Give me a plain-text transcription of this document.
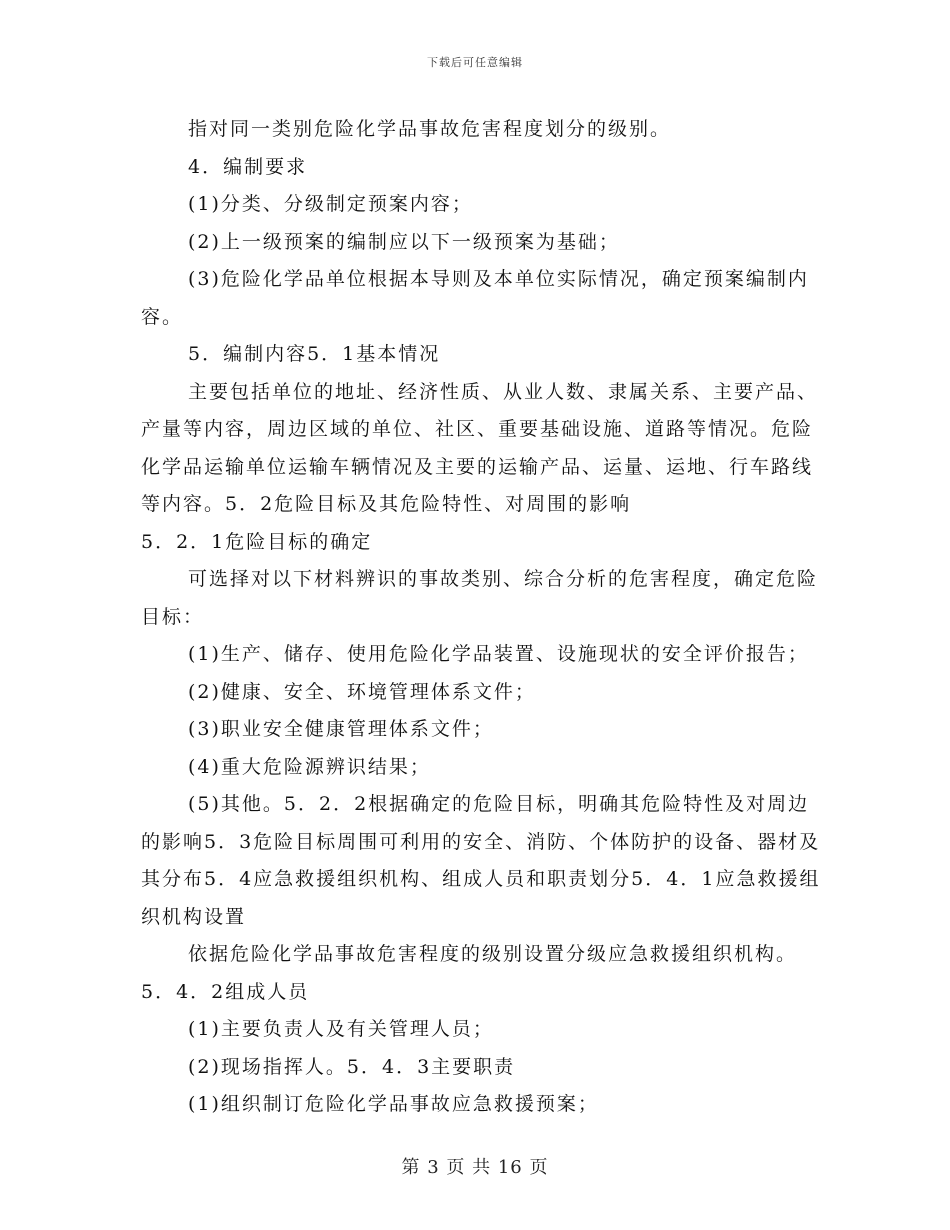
下载后可任意编辑

指对同一类别危险化学品事故危害程度划分的级别。

4．编制要求

(1)分类、分级制定预案内容；

(2)上一级预案的编制应以下一级预案为基础；

(3)危险化学品单位根据本导则及本单位实际情况，确定预案编制内容。

5．编制内容5．1基本情况

主要包括单位的地址、经济性质、从业人数、隶属关系、主要产品、产量等内容，周边区域的单位、社区、重要基础设施、道路等情况。危险化学品运输单位运输车辆情况及主要的运输产品、运量、运地、行车路线等内容。5．2危险目标及其危险特性、对周围的影响

5．2．1危险目标的确定

可选择对以下材料辨识的事故类别、综合分析的危害程度，确定危险目标：

(1)生产、储存、使用危险化学品装置、设施现状的安全评价报告；

(2)健康、安全、环境管理体系文件；

(3)职业安全健康管理体系文件；

(4)重大危险源辨识结果；

(5)其他。5．2．2根据确定的危险目标，明确其危险特性及对周边的影响5．3危险目标周围可利用的安全、消防、个体防护的设备、器材及其分布5．4应急救援组织机构、组成人员和职责划分5．4．1应急救援组织机构设置

依据危险化学品事故危害程度的级别设置分级应急救援组织机构。

5．4．2组成人员

(1)主要负责人及有关管理人员；

(2)现场指挥人。5．4．3主要职责

(1)组织制订危险化学品事故应急救援预案；

第 3 页 共 16 页
